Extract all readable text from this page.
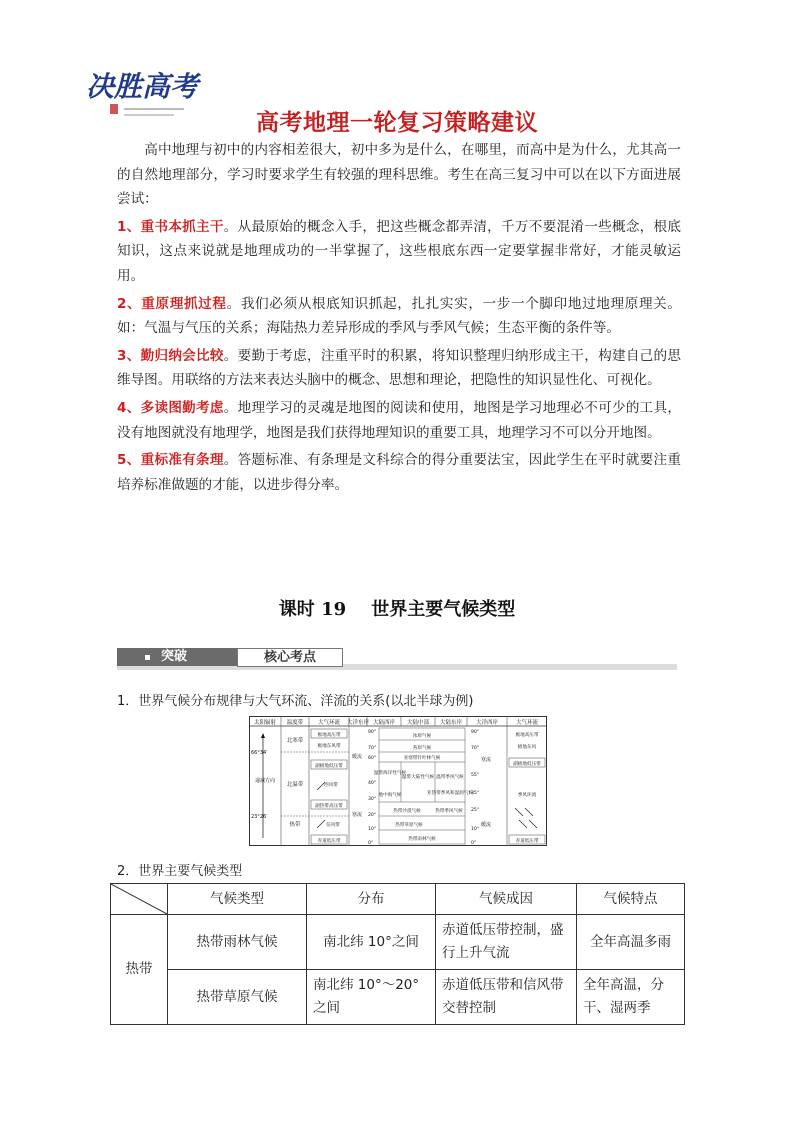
决胜高考
高考地理一轮复习策略建议

高中地理与初中的内容相差很大，初中多为是什么，在哪里，而高中是为什么，尤其高一的自然地理部分，学习时要求学生有较强的理科思维。考生在高三复习中可以在以下方面进展尝试：

1、重书本抓主干。从最原始的概念入手，把这些概念都弄清，千万不要混淆一些概念，根底知识，这点来说就是地理成功的一半掌握了，这些根底东西一定要掌握非常好，才能灵敏运用。

2、重原理抓过程。我们必须从根底知识抓起，扎扎实实，一步一个脚印地过地理原理关。如：气温与气压的关系；海陆热力差异形成的季风与季风气候；生态平衡的条件等。

3、勤归纳会比较。要勤于考虑，注重平时的积累，将知识整理归纳形成主干，构建自己的思维导图。用联络的方法来表达头脑中的概念、思想和理论，把隐性的知识显性化、可视化。

4、多读图勤考虑。地理学习的灵魂是地图的阅读和使用，地图是学习地理必不可少的工具，没有地图就没有地理学，地图是我们获得地理知识的重要工具，地理学习不可以分开地图。

5、重标准有条理。答题标准、有条理是文科综合的得分重要法宝，因此学生在平时就要注重培养标准做题的才能，以进步得分率。

课时 19 世界主要气候类型
突破	核心考点
1．世界气候分布规律与大气环流、洋流的关系(以北半球为例)
太阳辐射 温度带	大气环流 大洋东岸 大陆西岸 大陆中部 大陆东岸	大洋西岸	大气环流
66°34′
23°26′
递减方向
北寒带
北温带
热带
极地高压带
极地东风带
副极地低压带
西风带
副热带高压带
信风带
赤道低压带
90°
70°
60°
40°
30°
20°
10°
0°
90°
70°
55°
35°
25°
10°
0°
暖流
寒流
寒流
暖流
冰原气候
苔原气候
亚寒带针叶林气候
温带海洋性气候
温带大陆性气候 温带季风气候
地中海气候	亚热带季风和湿润气候
热带沙漠气候	热带季风气候
热带草原气候
热带雨林气候
极地高压带
极地东风
副极地低压带
季风环流
赤道低压带
2．世界主要气候类型
	气候类型	分布	气候成因	气候特点
热带	热带雨林气候	南北纬 10°之间	赤道低压带控制，盛行上升气流	全年高温多雨
	热带草原气候	南北纬 10°～20°之间	赤道低压带和信风带交替控制	全年高温，分干、湿两季
